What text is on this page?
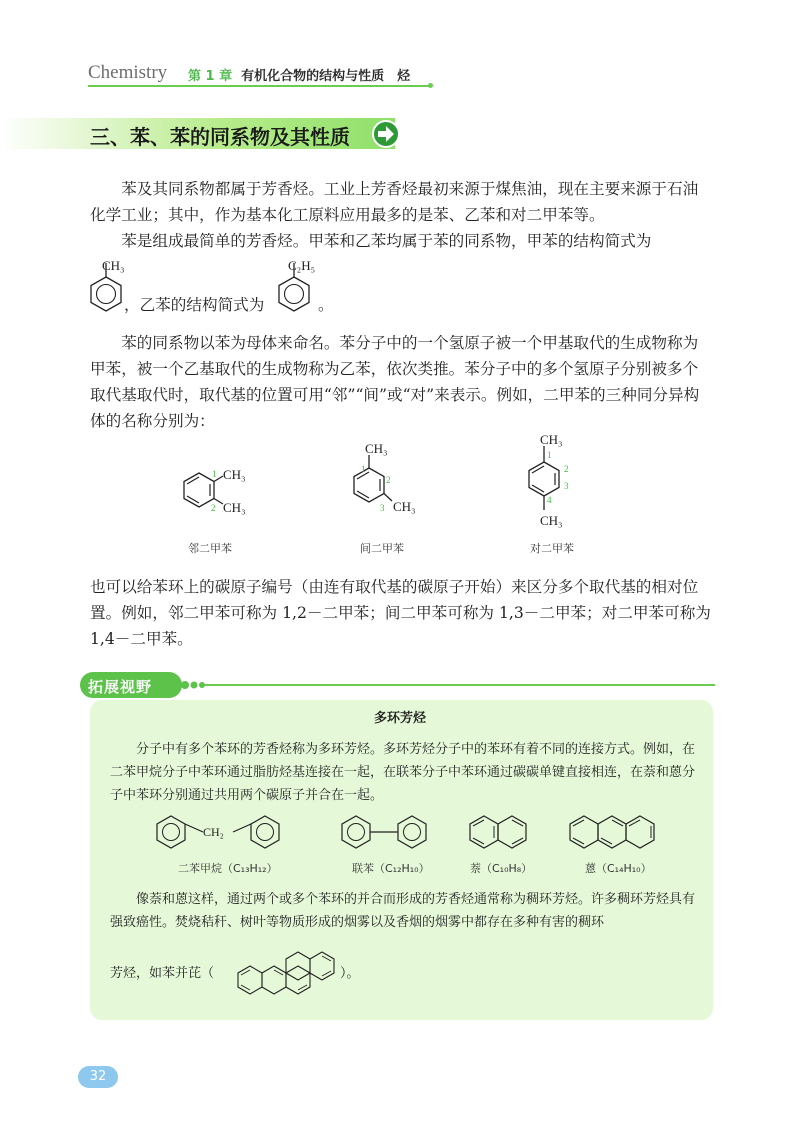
Chemistry 第 1 章 有机化合物的结构与性质　烃
三、苯、苯的同系物及其性质

苯及其同系物都属于芳香烃。工业上芳香烃最初来源于煤焦油，现在主要来源于石油化学工业；其中，作为基本化工原料应用最多的是苯、乙苯和对二甲苯等。

苯是组成最简单的芳香烃。甲苯和乙苯均属于苯的同系物，甲苯的结构简式为

CH₃
，乙苯的结构简式为
C₂H₅
。

苯的同系物以苯为母体来命名。苯分子中的一个氢原子被一个甲基取代的生成物称为甲苯，被一个乙基取代的生成物称为乙苯，依次类推。苯分子中的多个氢原子分别被多个取代基取代时，取代基的位置可用“邻”“间”或“对”来表示。例如，二甲苯的三种同分异构体的名称分别为：

CH₃
CH₃
1
2
邻二甲苯
CH₃
CH₃
1
2
3
间二甲苯
CH₃
CH₃
1
2
3
4
对二甲苯

也可以给苯环上的碳原子编号（由连有取代基的碳原子开始）来区分多个取代基的相对位置。例如，邻二甲苯可称为 1,2－二甲苯；间二甲苯可称为 1,3－二甲苯；对二甲苯可称为 1,4－二甲苯。

拓展视野
多环芳烃

分子中有多个苯环的芳香烃称为多环芳烃。多环芳烃分子中的苯环有着不同的连接方式。例如，在二苯甲烷分子中苯环通过脂肪烃基连接在一起，在联苯分子中苯环通过碳碳单键直接相连，在萘和蒽分子中苯环分别通过共用两个碳原子并合在一起。

CH₂
二苯甲烷（C₁₃H₁₂）	联苯（C₁₂H₁₀）	萘（C₁₀H₈）	蒽（C₁₄H₁₀）

像萘和蒽这样，通过两个或多个苯环的并合而形成的芳香烃通常称为稠环芳烃。许多稠环芳烃具有强致癌性。焚烧秸秆、树叶等物质形成的烟雾以及香烟的烟雾中都存在多种有害的稠环

芳烃，如苯并芘（	）。
32
